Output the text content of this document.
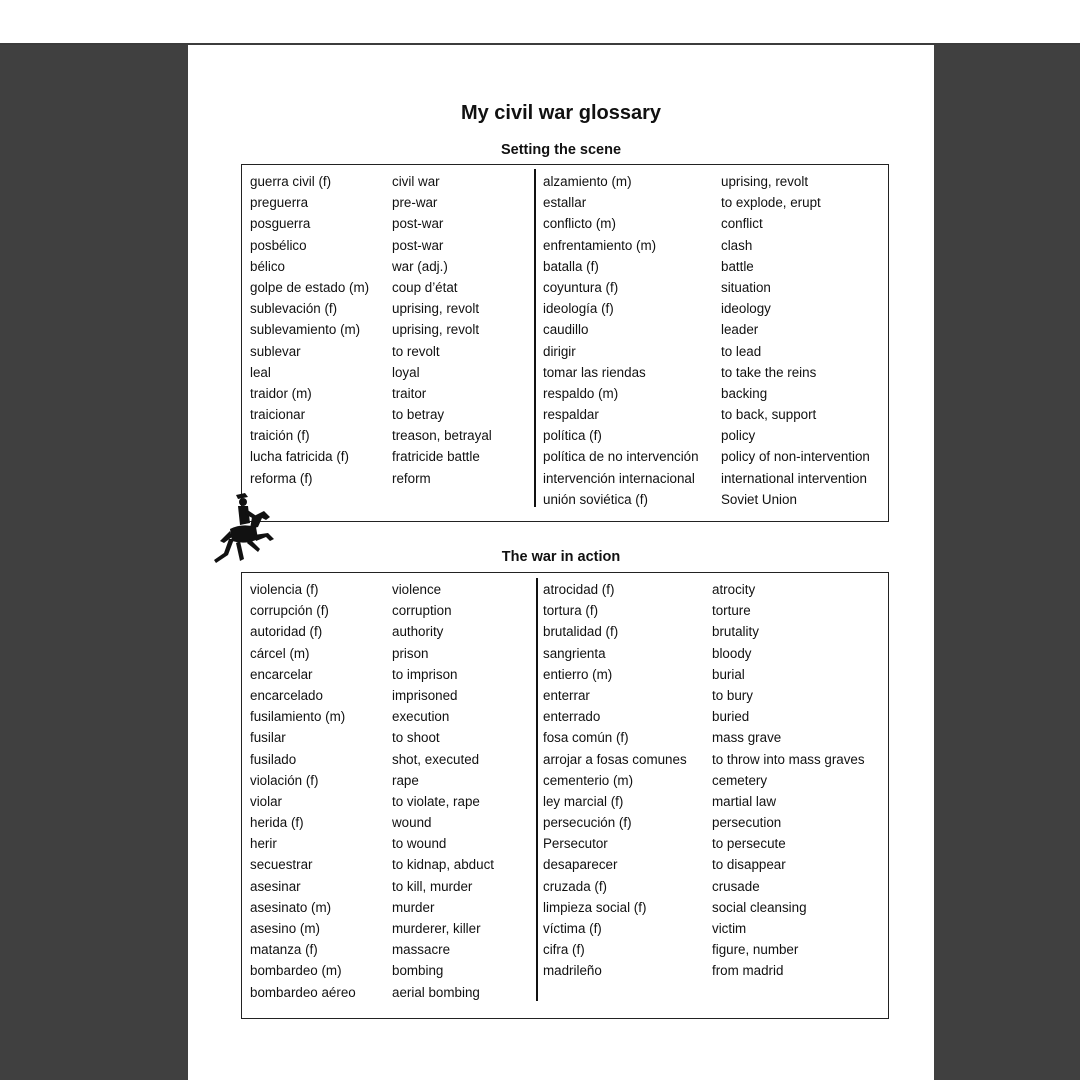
My civil war glossary
Setting the scene
guerra civil (f)
preguerra
posguerra
posbélico
bélico
golpe de estado (m)
sublevación (f)
sublevamiento (m)
sublevar
leal
traidor (m)
traicionar
traición (f)
lucha fatricida (f)
reforma (f)
civil war
pre-war
post-war
post-war
war (adj.)
coup d’état
uprising, revolt
uprising, revolt
to revolt
loyal
traitor
to betray
treason, betrayal
fratricide battle
reform
alzamiento (m)
estallar
conflicto (m)
enfrentamiento (m)
batalla (f)
coyuntura (f)
ideología (f)
caudillo
dirigir
tomar las riendas
respaldo (m)
respaldar
política (f)
política de no intervención
intervención internacional
unión soviética (f)
uprising, revolt
to explode, erupt
conflict
clash
battle
situation
ideology
leader
to lead
to take the reins
backing
to back, support
policy
policy of non-intervention
international intervention
Soviet Union
The war in action
violencia (f)
corrupción (f)
autoridad (f)
cárcel (m)
encarcelar
encarcelado
fusilamiento (m)
fusilar
fusilado
violación (f)
violar
herida (f)
herir
secuestrar
asesinar
asesinato (m)
asesino (m)
matanza (f)
bombardeo (m)
bombardeo aéreo
violence
corruption
authority
prison
to imprison
imprisoned
execution
to shoot
shot, executed
rape
to violate, rape
wound
to wound
to kidnap, abduct
to kill, murder
murder
murderer, killer
massacre
bombing
aerial bombing
atrocidad (f)
tortura (f)
brutalidad (f)
sangrienta
entierro (m)
enterrar
enterrado
fosa común (f)
arrojar a fosas comunes
cementerio (m)
ley marcial (f)
persecución (f)
Persecutor
desaparecer
cruzada (f)
limpieza social (f)
víctima (f)
cifra (f)
madrileño
atrocity
torture
brutality
bloody
burial
to bury
buried
mass grave
to throw into mass graves
cemetery
martial law
persecution
to persecute
to disappear
crusade
social cleansing
victim
figure, number
from madrid
